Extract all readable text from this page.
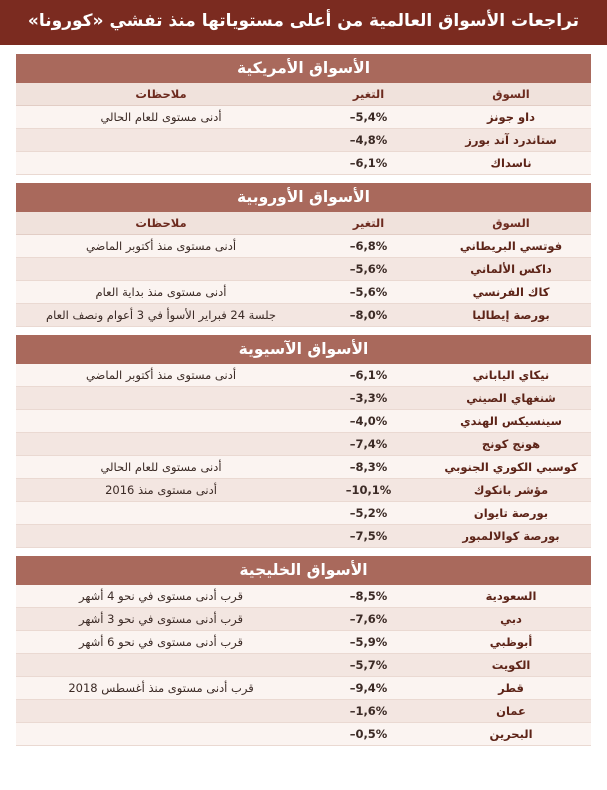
تراجعات الأسواق العالمية من أعلى مستوياتها منذ تفشي «كورونا»
الأسواق الأمريكية		
السوق	التغير	ملاحظات
داو جونز	–5,4%	أدنى مستوى للعام الحالي
ستاندرد آند بورز	–4,8%	
ناسداك	–6,1%	

الأسواق الأوروبية		
السوق	التغير	ملاحظات
فوتسي البريطاني	–6,8%	أدنى مستوى منذ أكتوبر الماضي
داكس الألماني	–5,6%	
كاك الفرنسي	–5,6%	أدنى مستوى منذ بداية العام
بورصة إيطاليا	–8,0%	جلسة 24 فبراير الأسوأ في 3 أعوام ونصف العام

الأسواق الآسيوية		
نيكاي الياباني	–6,1%	أدنى مستوى منذ أكتوبر الماضي
شنغهاي الصيني	–3,3%	
سينسيكس الهندي	–4,0%	
هونج كونج	–7,4%	
كوسبي الكوري الجنوبي	–8,3%	أدنى مستوى للعام الحالي
مؤشر بانكوك	–10,1%	أدنى مستوى منذ 2016
بورصة تايوان	–5,2%	
بورصة كوالالمبور	–7,5%	

الأسواق الخليجية		
السعودية	–8,5%	قرب أدنى مستوى في نحو 4 أشهر
دبي	–7,6%	قرب أدنى مستوى في نحو 3 أشهر
أبوظبي	–5,9%	قرب أدنى مستوى في نحو 6 أشهر
الكويت	–5,7%	
قطر	–9,4%	قرب أدنى مستوى منذ أغسطس 2018
عمان	–1,6%	
البحرين	–0,5%	
